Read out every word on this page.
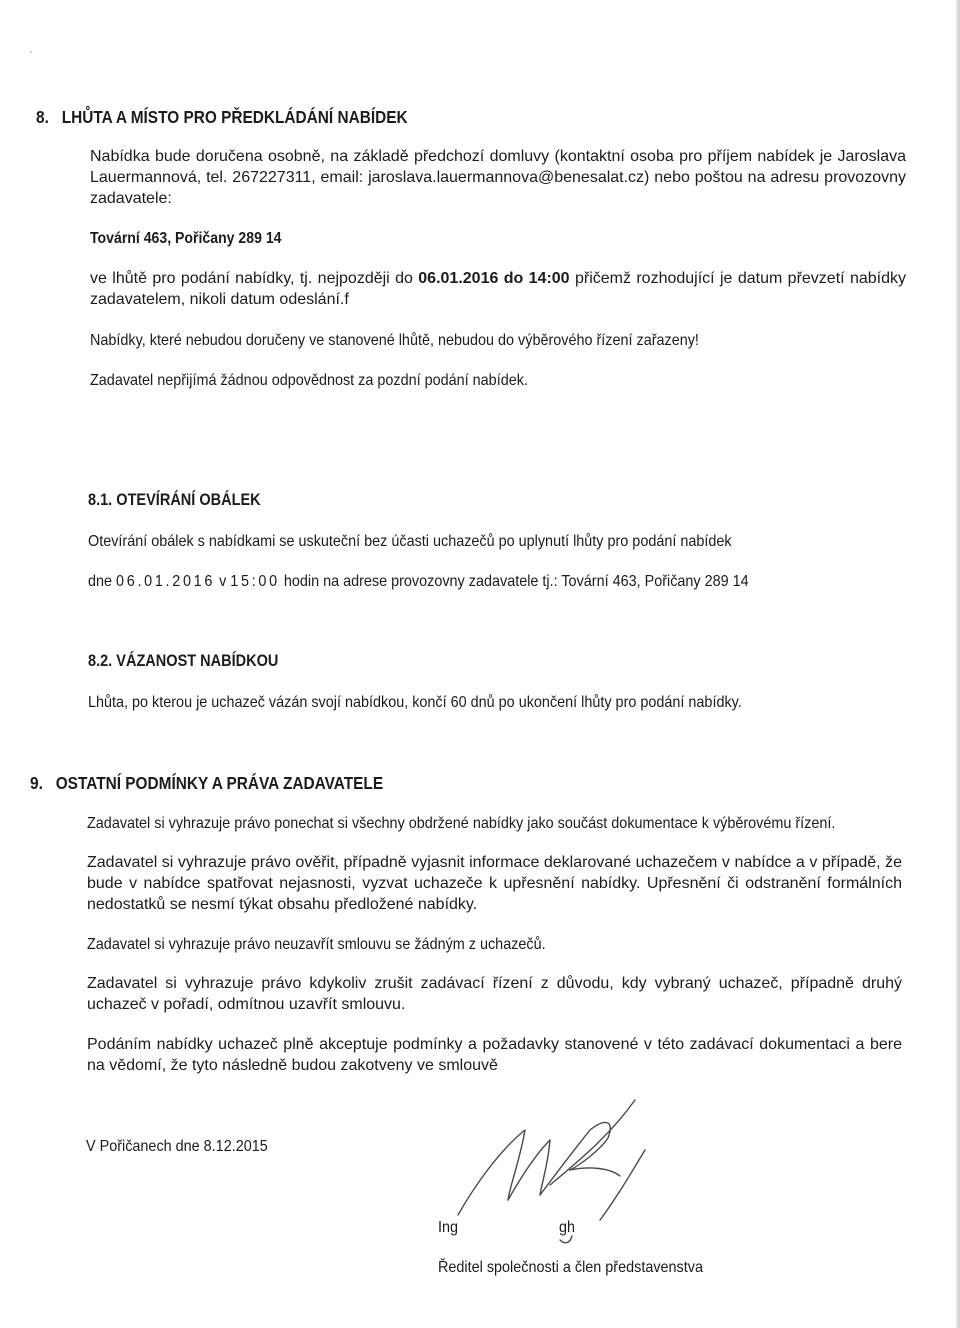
'
8. LHŮTA A MÍSTO PRO PŘEDKLÁDÁNÍ NABÍDEK

Nabídka bude doručena osobně, na základě předchozí domluvy (kontaktní osoba pro příjem nabídek je Jaroslava Lauermannová, tel. 267227311, email: jaroslava.lauermannova@benesalat.cz) nebo poštou na adresu provozovny zadavatele:

Tovární 463, Pořičany 289 14

ve lhůtě pro podání nabídky, tj. nejpozději do 06.01.2016 do 14:00 přičemž rozhodující je datum převzetí nabídky zadavatelem, nikoli datum odeslání.f

Nabídky, které nebudou doručeny ve stanovené lhůtě, nebudou do výběrového řízení zařazeny!
Zadavatel nepřijímá žádnou odpovědnost za pozdní podání nabídek.
8.1. OTEVÍRÁNÍ OBÁLEK
Otevírání obálek s nabídkami se uskuteční bez účasti uchazečů po uplynutí lhůty pro podání nabídek
dne 06.01.2016 v 15:00 hodin na adrese provozovny zadavatele tj.: Tovární 463, Pořičany 289 14
8.2. VÁZANOST NABÍDKOU
Lhůta, po kterou je uchazeč vázán svojí nabídkou, končí 60 dnů po ukončení lhůty pro podání nabídky.
9. OSTATNÍ PODMÍNKY A PRÁVA ZADAVATELE
Zadavatel si vyhrazuje právo ponechat si všechny obdržené nabídky jako součást dokumentace k výběrovému řízení.

Zadavatel si vyhrazuje právo ověřit, případně vyjasnit informace deklarované uchazečem v nabídce a v případě, že bude v nabídce spatřovat nejasnosti, vyzvat uchazeče k upřesnění nabídky. Upřesnění či odstranění formálních nedostatků se nesmí týkat obsahu předložené nabídky.

Zadavatel si vyhrazuje právo neuzavřít smlouvu se žádným z uchazečů.

Zadavatel si vyhrazuje právo kdykoliv zrušit zadávací řízení z důvodu, kdy vybraný uchazeč, případně druhý uchazeč v pořadí, odmítnou uzavřít smlouvu.

Podáním nabídky uchazeč plně akceptuje podmínky a požadavky stanovené v této zadávací dokumentaci a bere na vědomí, že tyto následně budou zakotveny ve smlouvě

V Pořičanech dne 8.12.2015
Ing	gh
Ředitel společnosti a člen představenstva
